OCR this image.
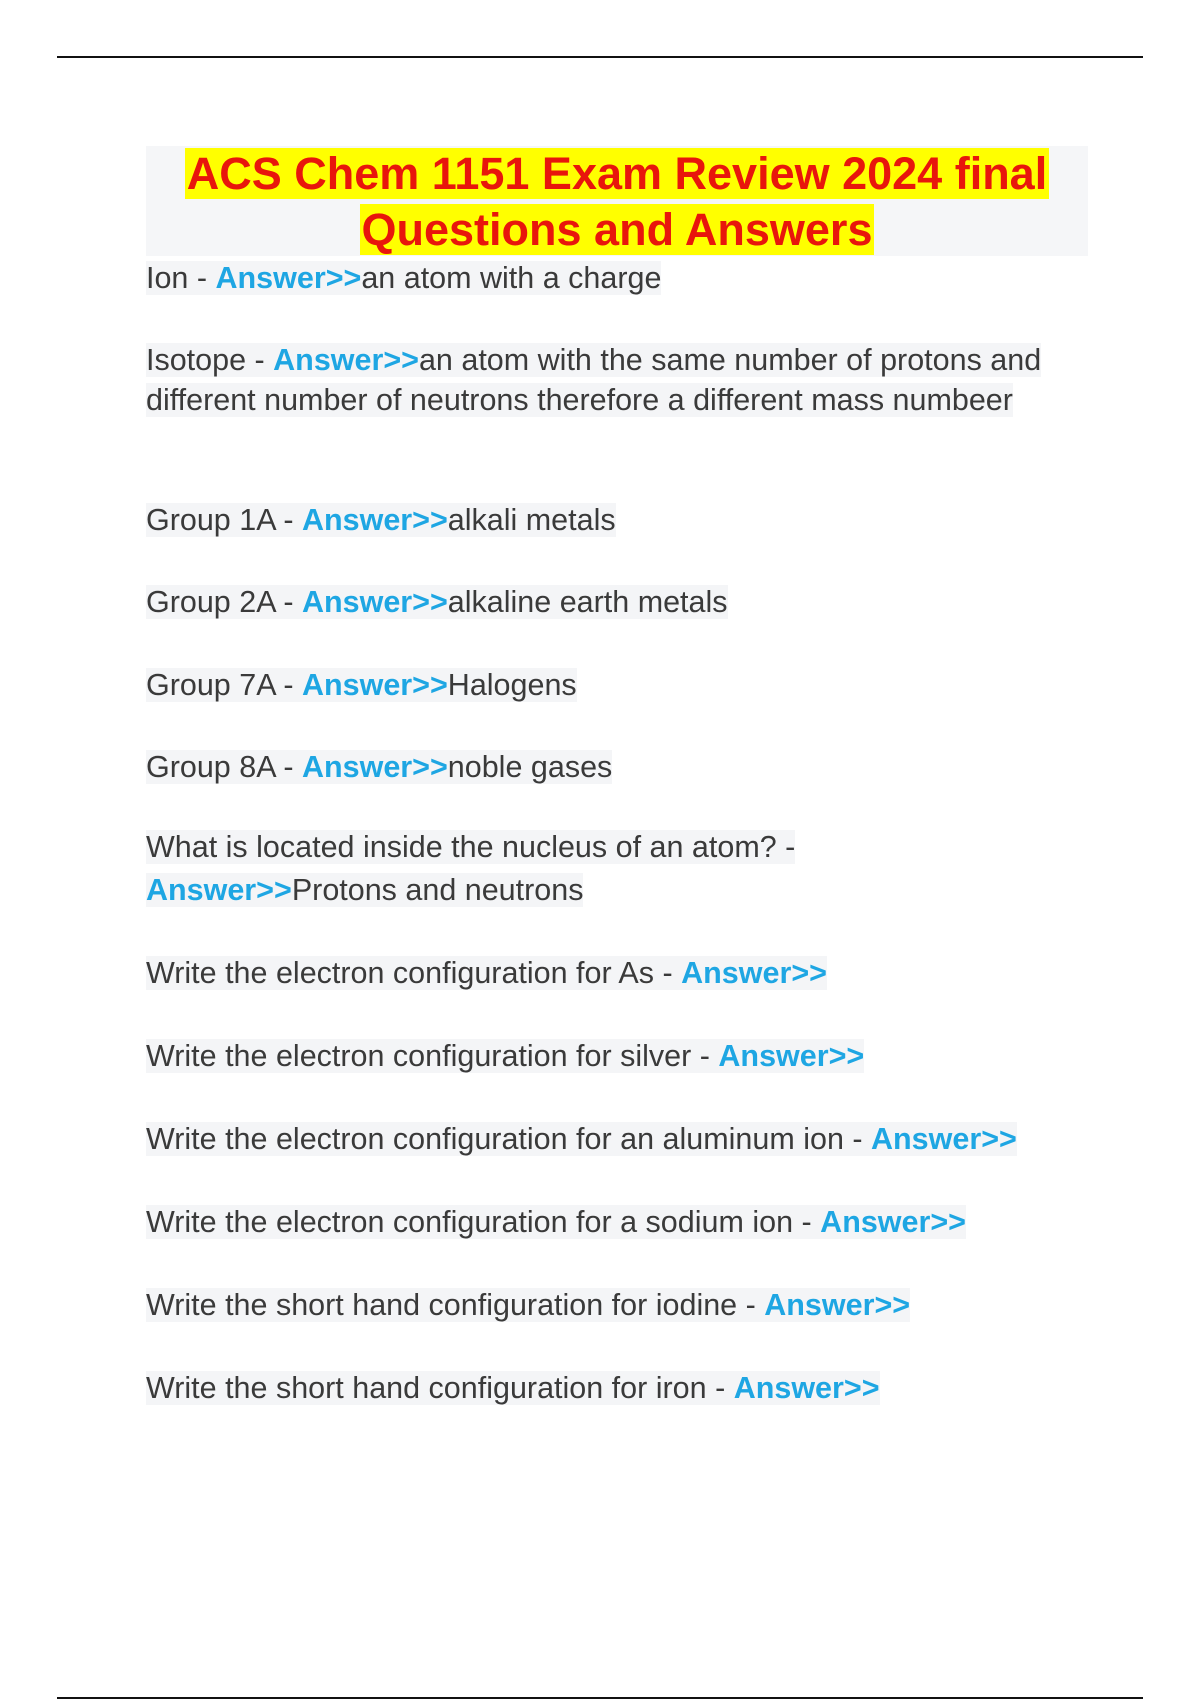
ACS Chem 1151 Exam Review 2024 final Questions and Answers
Ion - Answer>>an atom with a charge
Isotope - Answer>>an atom with the same number of protons and different number of neutrons therefore a different mass numbeer
Group 1A - Answer>>alkali metals
Group 2A - Answer>>alkaline earth metals
Group 7A - Answer>>Halogens
Group 8A - Answer>>noble gases
What is located inside the nucleus of an atom? -
Answer>>Protons and neutrons
Write the electron configuration for As - Answer>>
Write the electron configuration for silver - Answer>>
Write the electron configuration for an aluminum ion - Answer>>
Write the electron configuration for a sodium ion - Answer>>
Write the short hand configuration for iodine - Answer>>
Write the short hand configuration for iron - Answer>>
